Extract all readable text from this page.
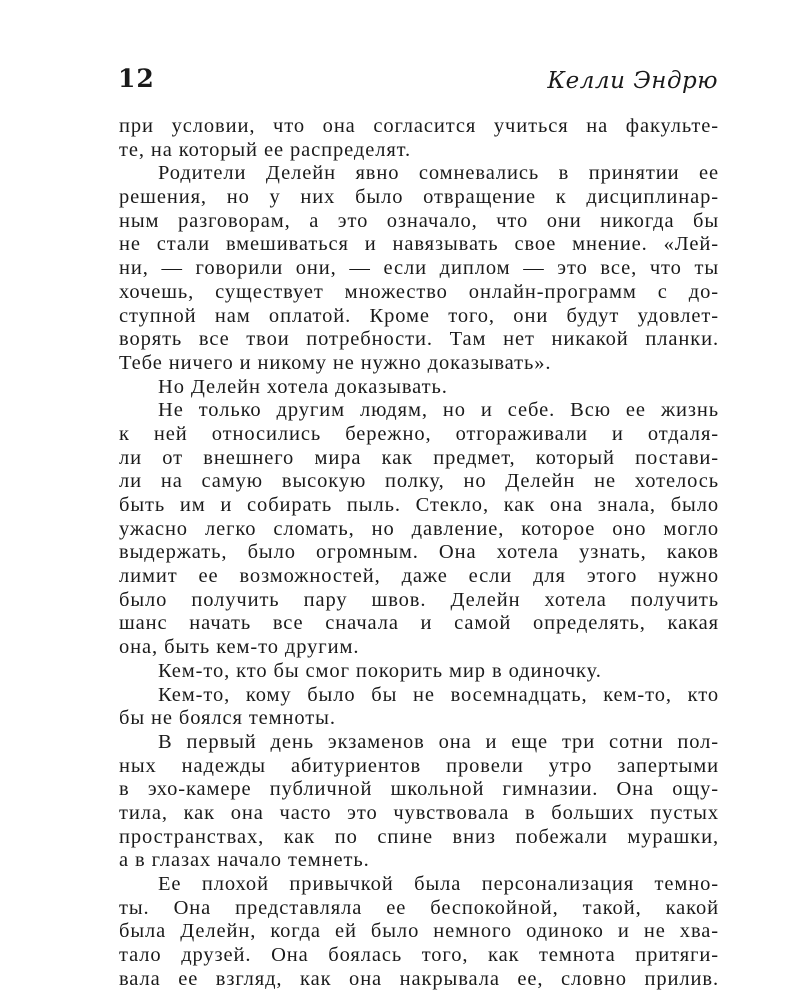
12	Келли Эндрю
при условии, что она согласится учиться на факульте-
те, на который ее распределят.
Родители Делейн явно сомневались в принятии ее
решения, но у них было отвращение к дисциплинар-
ным разговорам, а это означало, что они никогда бы
не стали вмешиваться и навязывать свое мнение. «Лей-
ни, — говорили они, — если диплом — это все, что ты
хочешь, существует множество онлайн-программ с до-
ступной нам оплатой. Кроме того, они будут удовлет-
ворять все твои потребности. Там нет никакой планки.
Тебе ничего и никому не нужно доказывать».
Но Делейн хотела доказывать.
Не только другим людям, но и себе. Всю ее жизнь
к ней относились бережно, отгораживали и отдаля-
ли от внешнего мира как предмет, который постави-
ли на самую высокую полку, но Делейн не хотелось
быть им и собирать пыль. Стекло, как она знала, было
ужасно легко сломать, но давление, которое оно могло
выдержать, было огромным. Она хотела узнать, каков
лимит ее возможностей, даже если для этого нужно
было получить пару швов. Делейн хотела получить
шанс начать все сначала и самой определять, какая
она, быть кем-то другим.
Кем-то, кто бы смог покорить мир в одиночку.
Кем-то, кому было бы не восемнадцать, кем-то, кто
бы не боялся темноты.
В первый день экзаменов она и еще три сотни пол-
ных надежды абитуриентов провели утро запертыми
в эхо-камере публичной школьной гимназии. Она ощу-
тила, как она часто это чувствовала в больших пустых
пространствах, как по спине вниз побежали мурашки,
а в глазах начало темнеть.
Ее плохой привычкой была персонализация темно-
ты. Она представляла ее беспокойной, такой, какой
была Делейн, когда ей было немного одиноко и не хва-
тало друзей. Она боялась того, как темнота притяги-
вала ее взгляд, как она накрывала ее, словно прилив.
